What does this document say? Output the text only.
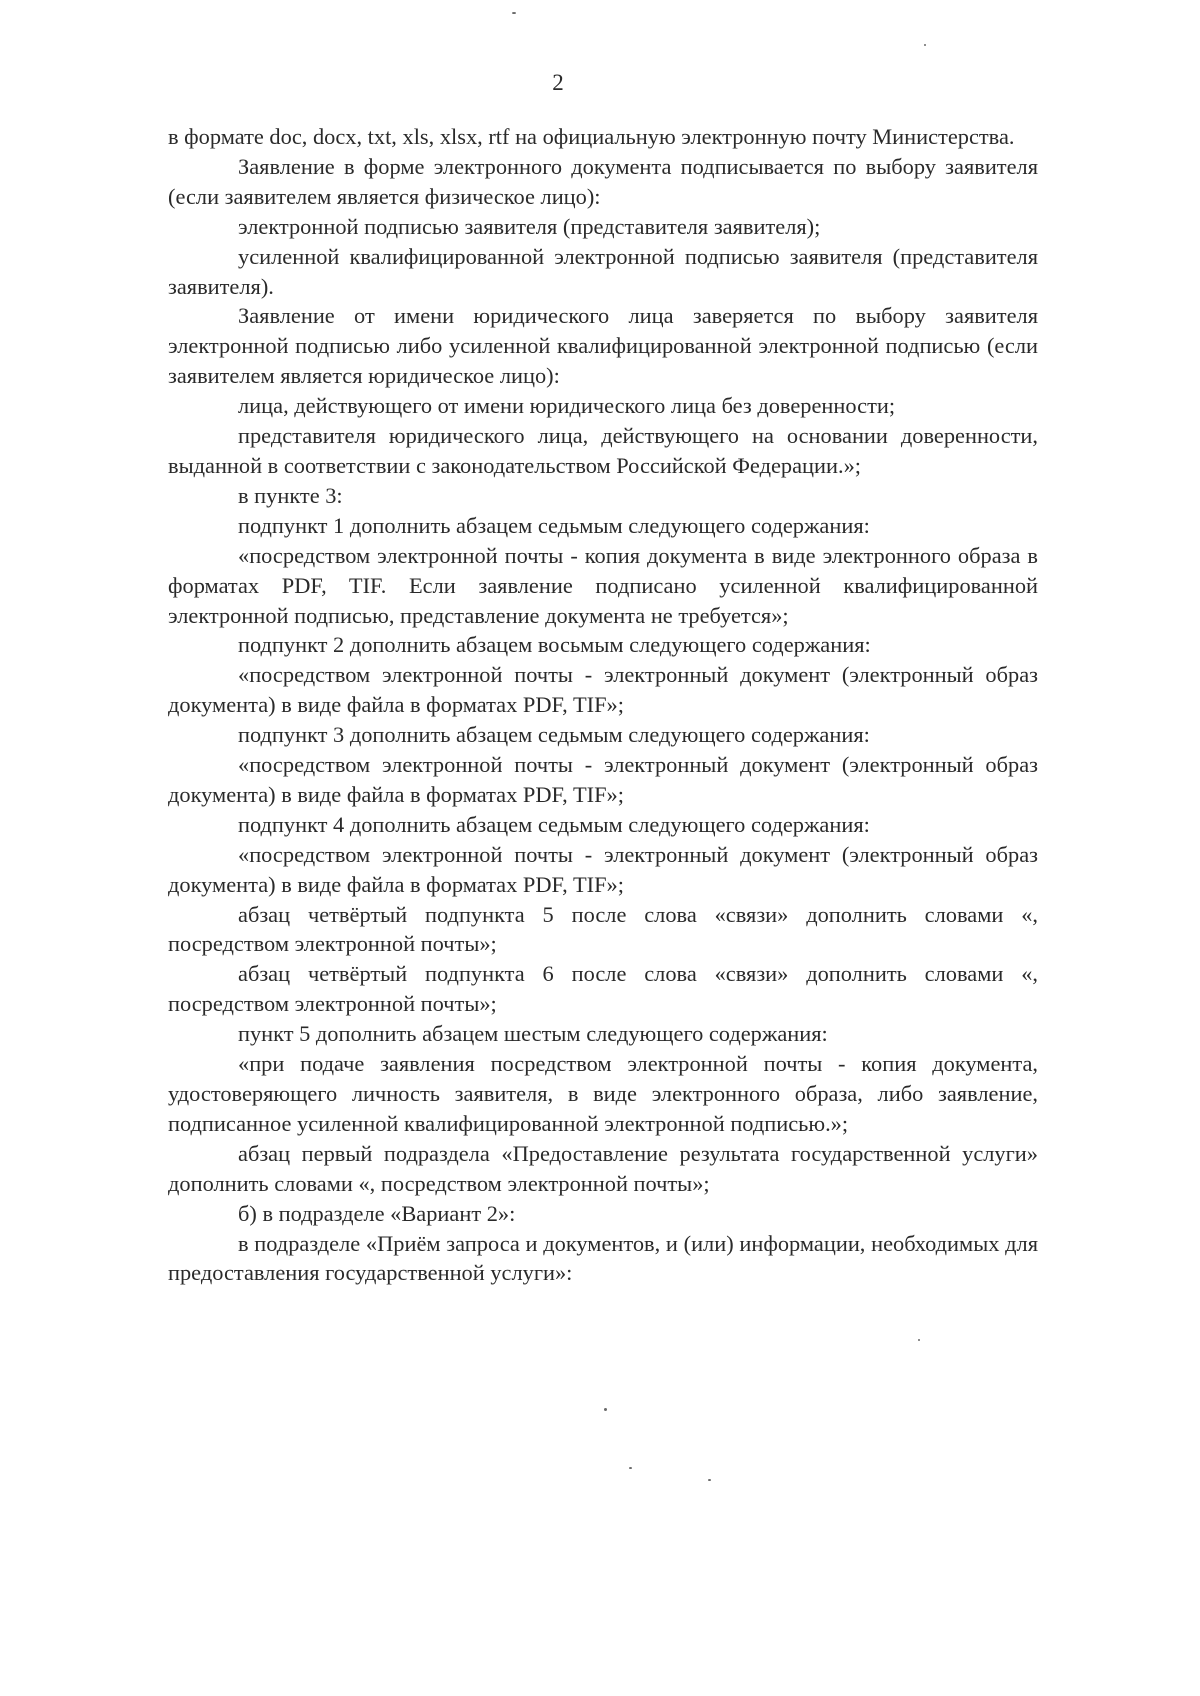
2

в формате doc, docx, txt, xls, xlsx, rtf на официальную электронную почту Министерства.

Заявление в форме электронного документа подписывается по выбору заявителя (если заявителем является физическое лицо):

электронной подписью заявителя (представителя заявителя);

усиленной квалифицированной электронной подписью заявителя (представителя заявителя).

Заявление от имени юридического лица заверяется по выбору заявителя электронной подписью либо усиленной квалифицированной электронной подписью (если заявителем является юридическое лицо):

лица, действующего от имени юридического лица без доверенности;

представителя юридического лица, действующего на основании доверенности, выданной в соответствии с законодательством Российской Федерации.»;

в пункте 3:

подпункт 1 дополнить абзацем седьмым следующего содержания:

«посредством электронной почты - копия документа в виде электронного образа в форматах PDF, TIF. Если заявление подписано усиленной квалифицированной электронной подписью, представление документа не требуется»;

подпункт 2 дополнить абзацем восьмым следующего содержания:

«посредством электронной почты - электронный документ (электронный образ документа) в виде файла в форматах PDF, TIF»;

подпункт 3 дополнить абзацем седьмым следующего содержания:

«посредством электронной почты - электронный документ (электронный образ документа) в виде файла в форматах PDF, TIF»;

подпункт 4 дополнить абзацем седьмым следующего содержания:

«посредством электронной почты - электронный документ (электронный образ документа) в виде файла в форматах PDF, TIF»;

абзац четвёртый подпункта 5 после слова «связи» дополнить словами «, посредством электронной почты»;

абзац четвёртый подпункта 6 после слова «связи» дополнить словами «, посредством электронной почты»;

пункт 5 дополнить абзацем шестым следующего содержания:

«при подаче заявления посредством электронной почты - копия документа, удостоверяющего личность заявителя, в виде электронного образа, либо заявление, подписанное усиленной квалифицированной электронной подписью.»;

абзац первый подраздела «Предоставление результата государственной услуги» дополнить словами «, посредством электронной почты»;

б) в подразделе «Вариант 2»:

в подразделе «Приём запроса и документов, и (или) информации, необходимых для предоставления государственной услуги»:
